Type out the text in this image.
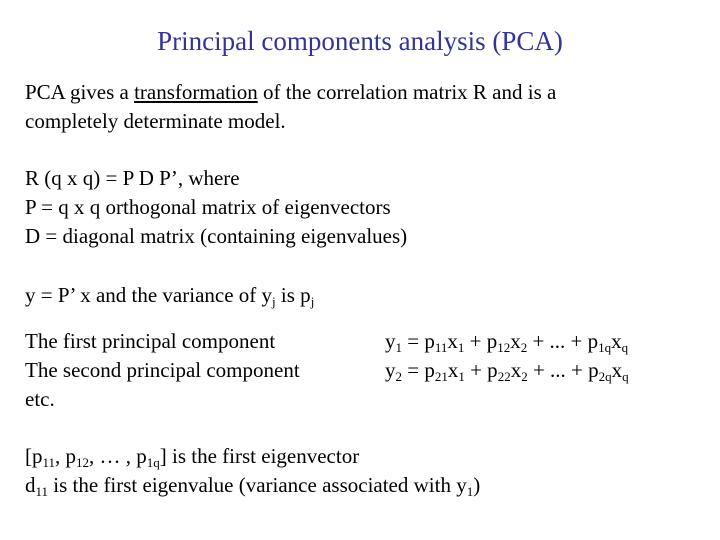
Principal components analysis (PCA)
PCA gives a transformation of the correlation matrix R and is a
completely determinate model.
R (q x q) = P D P’, where
P = q x q orthogonal matrix of eigenvectors
D = diagonal matrix (containing eigenvalues)
y = P’ x and the variance of $y_j$ is $p_j$
The first principal component
The second principal component
etc.
$y_1 = p_{11}x_1 + p_{12}x_2$ + ... + $p_{1q}x_q$
$y_2 = p_{21}x_1 + p_{22}x_2$ + ... + $p_{2q}x_q$
[$p_{11}$, $p_{12}$, … , $p_{1q}$] is the first eigenvector
$d_{11}$ is the first eigenvalue (variance associated with $y_1$)
